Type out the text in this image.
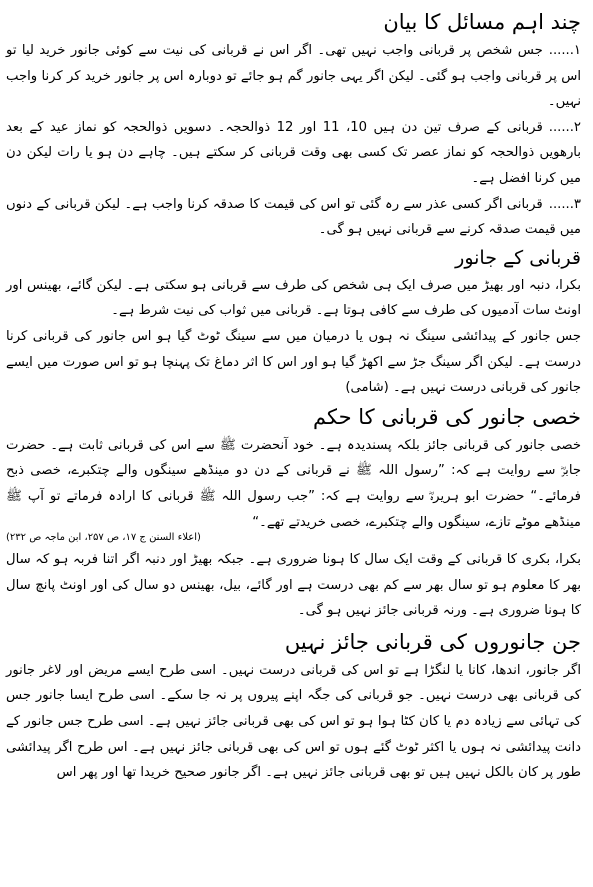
چند اہم مسائل کا بیان

۱......جس شخص پر قربانی واجب نہیں تھی۔ اگر اس نے قربانی کی نیت سے کوئی جانور خرید لیا تو اس پر قربانی واجب ہو گئی۔ لیکن اگر یہی جانور گم ہو جائے تو دوبارہ اس پر جانور خرید کر کرنا واجب نہیں۔

۲......قربانی کے صرف تین دن ہیں 10، 11 اور 12 ذوالحجہ۔ دسویں ذوالحجہ کو نماز عید کے بعد بارھویں ذوالحجہ کو نماز عصر تک کسی بھی وقت قربانی کر سکتے ہیں۔ چاہے دن ہو یا رات لیکن دن میں کرنا افضل ہے۔

۳......قربانی اگر کسی عذر سے رہ گئی تو اس کی قیمت کا صدقہ کرنا واجب ہے۔ لیکن قربانی کے دنوں میں قیمت صدقہ کرنے سے قربانی نہیں ہو گی۔

قربانی کے جانور

بکرا، دنبہ اور بھیڑ میں صرف ایک ہی شخص کی طرف سے قربانی ہو سکتی ہے۔ لیکن گائے، بھینس اور اونٹ سات آدمیوں کی طرف سے کافی ہوتا ہے۔ قربانی میں ثواب کی نیت شرط ہے۔

جس جانور کے پیدائشی سینگ نہ ہوں یا درمیان میں سے سینگ ٹوٹ گیا ہو اس جانور کی قربانی کرنا درست ہے۔ لیکن اگر سینگ جڑ سے اکھڑ گیا ہو اور اس کا اثر دماغ تک پہنچا ہو تو اس صورت میں ایسے جانور کی قربانی درست نہیں ہے۔ (شامی)

خصی جانور کی قربانی کا حکم

خصی جانور کی قربانی جائز بلکہ پسندیدہ ہے۔ خود آنحضرت ﷺ سے اس کی قربانی ثابت ہے۔ حضرت جابرؓ سے روایت ہے کہ: ”رسول اللہ ﷺ نے قربانی کے دن دو مینڈھے سینگوں والے چتکبرے، خصی ذبح فرمائے۔“ حضرت ابو ہریرہؓ سے روایت ہے کہ: ”جب رسول اللہ ﷺ قربانی کا ارادہ فرماتے تو آپ ﷺ مینڈھے موٹے تازے، سینگوں والے چتکبرے، خصی خریدتے تھے۔“

(اعلاء السنن ج ۱۷، ص ۲۵۷، ابن ماجہ ص ۲۳۲)

بکرا، بکری کا قربانی کے وقت ایک سال کا ہونا ضروری ہے۔ جبکہ بھیڑ اور دنبہ اگر اتنا فربہ ہو کہ سال بھر کا معلوم ہو تو سال بھر سے کم بھی درست ہے اور گائے، بیل، بھینس دو سال کی اور اونٹ پانچ سال کا ہونا ضروری ہے۔ ورنہ قربانی جائز نہیں ہو گی۔

جن جانوروں کی قربانی جائز نہیں

اگر جانور، اندھا، کانا یا لنگڑا ہے تو اس کی قربانی درست نہیں۔ اسی طرح ایسے مریض اور لاغر جانور کی قربانی بھی درست نہیں۔ جو قربانی کی جگہ اپنے پیروں پر نہ جا سکے۔ اسی طرح ایسا جانور جس کی تہائی سے زیادہ دم یا کان کٹا ہوا ہو تو اس کی بھی قربانی جائز نہیں ہے۔ اسی طرح جس جانور کے دانت پیدائشی نہ ہوں یا اکثر ٹوٹ گئے ہوں تو اس کی بھی قربانی جائز نہیں ہے۔ اس طرح اگر پیدائشی طور پر کان بالکل نہیں ہیں تو بھی قربانی جائز نہیں ہے۔ اگر جانور صحیح خریدا تھا اور پھر اس
